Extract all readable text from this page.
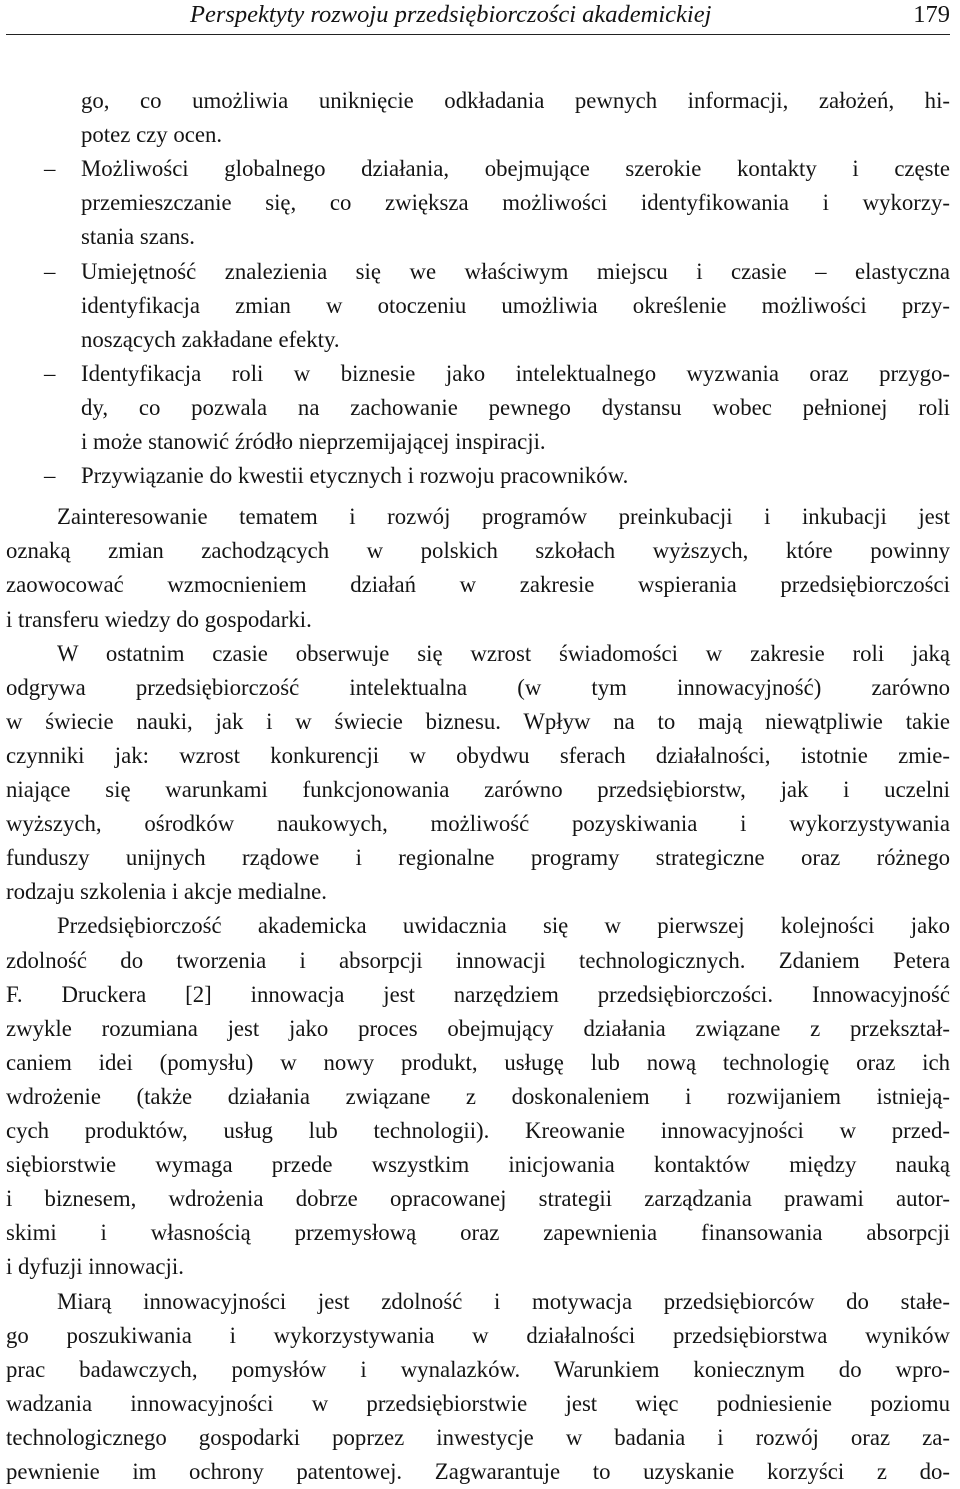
Perspektyty rozwoju przedsiębiorczości akademickiej	179
go, co umożliwia uniknięcie odkładania pewnych informacji, założeń, hi-
potez czy ocen.
– Możliwości globalnego działania, obejmujące szerokie kontakty i częste
przemieszczanie się, co zwiększa możliwości identyfikowania i wykorzy-
stania szans.
– Umiejętność znalezienia się we właściwym miejscu i czasie – elastyczna
identyfikacja zmian w otoczeniu umożliwia określenie możliwości przy-
noszących zakładane efekty.
– Identyfikacja roli w biznesie jako intelektualnego wyzwania oraz przygo-
dy, co pozwala na zachowanie pewnego dystansu wobec pełnionej roli
i może stanowić źródło nieprzemijającej inspiracji.
– Przywiązanie do kwestii etycznych i rozwoju pracowników.
Zainteresowanie tematem i rozwój programów preinkubacji i inkubacji jest
oznaką zmian zachodzących w polskich szkołach wyższych, które powinny
zaowocować wzmocnieniem działań w zakresie wspierania przedsiębiorczości
i transferu wiedzy do gospodarki.
W ostatnim czasie obserwuje się wzrost świadomości w zakresie roli jaką
odgrywa przedsiębiorczość intelektualna (w tym innowacyjność) zarówno
w świecie nauki, jak i w świecie biznesu. Wpływ na to mają niewątpliwie takie
czynniki jak: wzrost konkurencji w obydwu sferach działalności, istotnie zmie-
niające się warunkami funkcjonowania zarówno przedsiębiorstw, jak i uczelni
wyższych, ośrodków naukowych, możliwość pozyskiwania i wykorzystywania
funduszy unijnych rządowe i regionalne programy strategiczne oraz różnego
rodzaju szkolenia i akcje medialne.
Przedsiębiorczość akademicka uwidacznia się w pierwszej kolejności jako
zdolność do tworzenia i absorpcji innowacji technologicznych. Zdaniem Petera
F. Druckera [2] innowacja jest narzędziem przedsiębiorczości. Innowacyjność
zwykle rozumiana jest jako proces obejmujący działania związane z przekształ-
caniem idei (pomysłu) w nowy produkt, usługę lub nową technologię oraz ich
wdrożenie (także działania związane z doskonaleniem i rozwijaniem istnieją-
cych produktów, usług lub technologii). Kreowanie innowacyjności w przed-
siębiorstwie wymaga przede wszystkim inicjowania kontaktów między nauką
i biznesem, wdrożenia dobrze opracowanej strategii zarządzania prawami autor-
skimi i własnością przemysłową oraz zapewnienia finansowania absorpcji
i dyfuzji innowacji.
Miarą innowacyjności jest zdolność i motywacja przedsiębiorców do stałe-
go poszukiwania i wykorzystywania w działalności przedsiębiorstwa wyników
prac badawczych, pomysłów i wynalazków. Warunkiem koniecznym do wpro-
wadzania innowacyjności w przedsiębiorstwie jest więc podniesienie poziomu
technologicznego gospodarki poprzez inwestycje w badania i rozwój oraz za-
pewnienie im ochrony patentowej. Zagwarantuje to uzyskanie korzyści z do-
